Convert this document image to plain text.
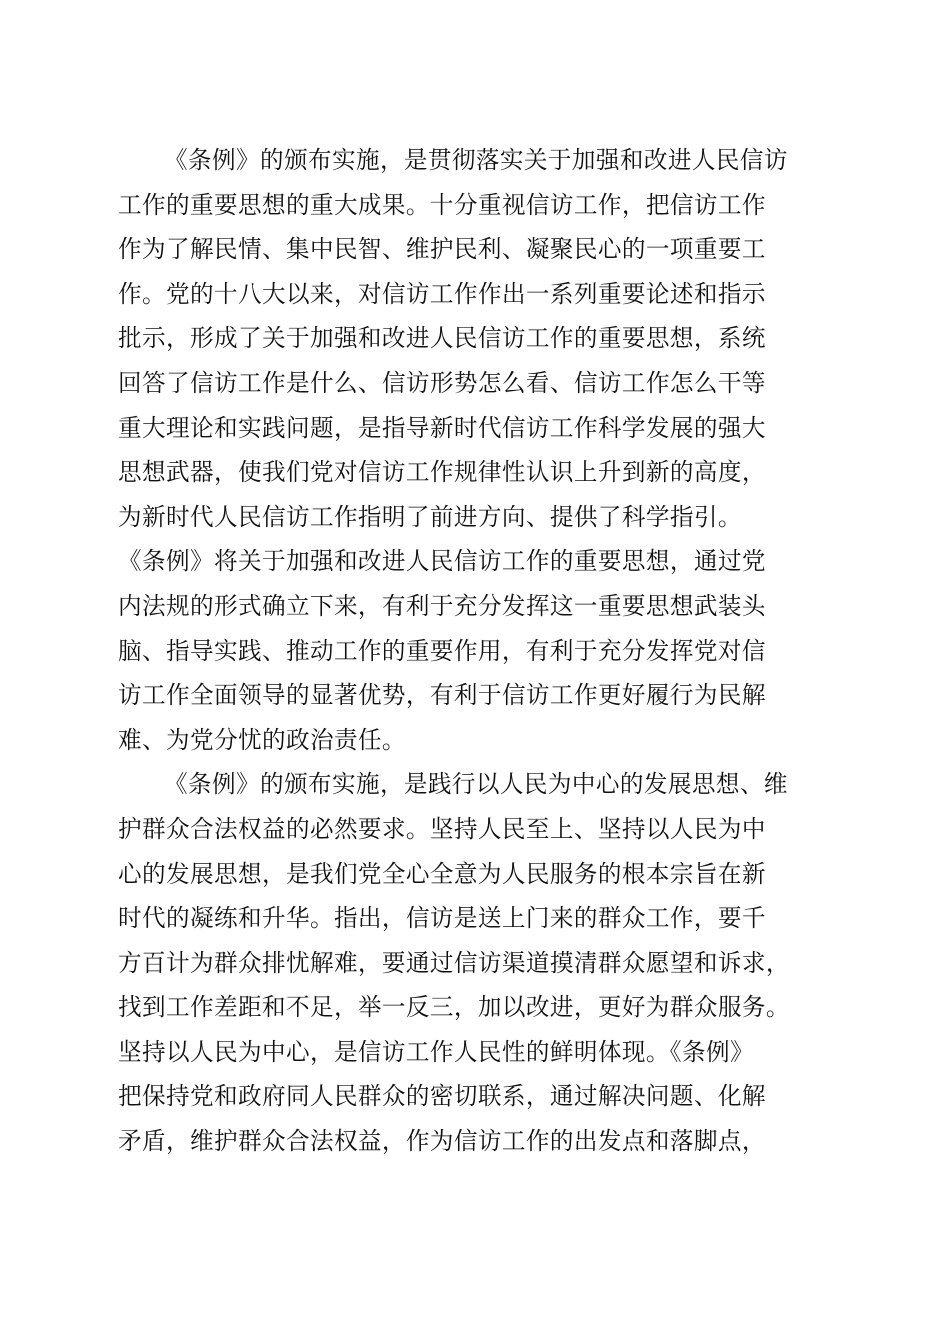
《条例》的颁布实施，是贯彻落实关于加强和改进人民信访
工作的重要思想的重大成果。十分重视信访工作，把信访工作
作为了解民情、集中民智、维护民利、凝聚民心的一项重要工
作。党的十八大以来，对信访工作作出一系列重要论述和指示
批示，形成了关于加强和改进人民信访工作的重要思想，系统
回答了信访工作是什么、信访形势怎么看、信访工作怎么干等
重大理论和实践问题，是指导新时代信访工作科学发展的强大
思想武器，使我们党对信访工作规律性认识上升到新的高度，
为新时代人民信访工作指明了前进方向、提供了科学指引。
《条例》将关于加强和改进人民信访工作的重要思想，通过党
内法规的形式确立下来，有利于充分发挥这一重要思想武装头
脑、指导实践、推动工作的重要作用，有利于充分发挥党对信
访工作全面领导的显著优势，有利于信访工作更好履行为民解
难、为党分忧的政治责任。
《条例》的颁布实施，是践行以人民为中心的发展思想、维
护群众合法权益的必然要求。坚持人民至上、坚持以人民为中
心的发展思想，是我们党全心全意为人民服务的根本宗旨在新
时代的凝练和升华。指出，信访是送上门来的群众工作，要千
方百计为群众排忧解难，要通过信访渠道摸清群众愿望和诉求，
找到工作差距和不足，举一反三，加以改进，更好为群众服务。
坚持以人民为中心，是信访工作人民性的鲜明体现。《条例》
把保持党和政府同人民群众的密切联系，通过解决问题、化解
矛盾，维护群众合法权益，作为信访工作的出发点和落脚点，
